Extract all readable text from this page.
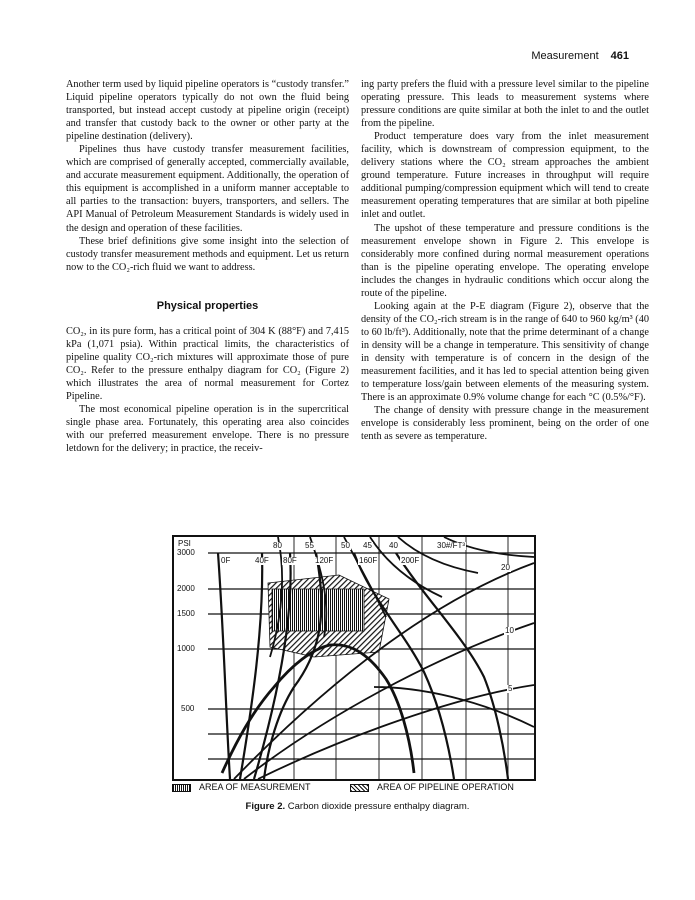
Measurement 461

Another term used by liquid pipeline operators is “custody transfer.” Liquid pipeline operators typically do not own the fluid being transported, but instead accept custody at pipeline origin (receipt) and transfer that custody back to the owner or other party at the pipeline destination (delivery).

Pipelines thus have custody transfer measurement facilities, which are comprised of generally accepted, commercially available, and accurate measurement equipment. Additionally, the operation of this equipment is accomplished in a uniform manner acceptable to all parties to the transaction: buyers, transporters, and sellers. The API Manual of Petroleum Measurement Standards is widely used in the design and operation of these facilities.

These brief definitions give some insight into the selection of custody transfer measurement methods and equipment. Let us return now to the CO₂-rich fluid we want to address.

Physical properties

CO₂, in its pure form, has a critical point of 304 K (88°F) and 7,415 kPa (1,071 psia). Within practical limits, the characteristics of pipeline quality CO₂-rich mixtures will approximate those of pure CO₂. Refer to the pressure enthalpy diagram for CO₂ (Figure 2) which illustrates the area of normal measurement for Cortez Pipeline.

The most economical pipeline operation is in the supercritical single phase area. Fortunately, this operating area also coincides with our preferred measurement envelope. There is no pressure letdown for the delivery; in practice, the receiv-

ing party prefers the fluid with a pressure level similar to the pipeline operating pressure. This leads to measurement systems where pressure conditions are quite similar at both the inlet to and the outlet from the pipeline.

Product temperature does vary from the inlet measurement facility, which is downstream of compression equipment, to the delivery stations where the CO₂ stream approaches the ambient ground temperature. Future increases in throughput will require additional pumping/compression equipment which will tend to create measurement operating temperatures that are similar at both pipeline inlet and outlet.

The upshot of these temperature and pressure conditions is the measurement envelope shown in Figure 2. This envelope is considerably more confined during normal measurement operations than is the pipeline operating envelope. The operating envelope includes the changes in hydraulic conditions which occur along the route of the pipeline.

Looking again at the P-E diagram (Figure 2), observe that the density of the CO₂-rich stream is in the range of 640 to 960 kg/m³ (40 to 60 lb/ft³). Additionally, note that the prime determinant of a change in density will be a change in temperature. This sensitivity of change in density with temperature is of concern in the design of the measurement facilities, and it has led to special attention being given to temperature loss/gain between elements of the measuring system. There is an approximate 0.9% volume change for each °C (0.5%/°F).

The change of density with pressure change in the measurement envelope is considerably less prominent, being on the order of one tenth as severe as temperature.

PSI
3000
2000
1500
1000
500
80	55	50 45 40	30#/FT³
0F	40F 80F 120F	160F	200F
20
10
5
AREA OF MEASUREMENT	AREA OF PIPELINE OPERATION
Figure 2. Carbon dioxide pressure enthalpy diagram.
